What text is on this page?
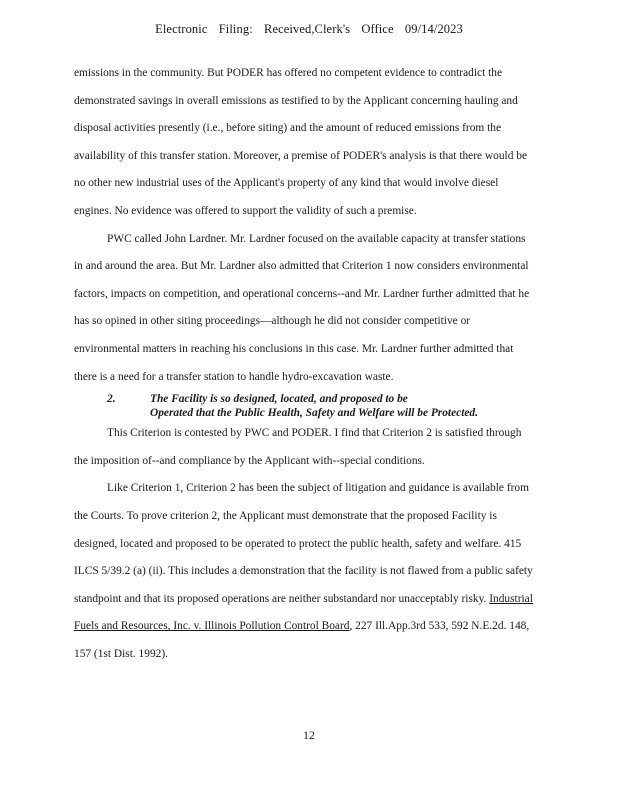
Electronic Filing: Received,Clerk's Office 09/14/2023

emissions in the community. But PODER has offered no competent evidence to contradict the demonstrated savings in overall emissions as testified to by the Applicant concerning hauling and disposal activities presently (i.e., before siting) and the amount of reduced emissions from the availability of this transfer station. Moreover, a premise of PODER's analysis is that there would be no other new industrial uses of the Applicant's property of any kind that would involve diesel engines. No evidence was offered to support the validity of such a premise.

PWC called John Lardner. Mr. Lardner focused on the available capacity at transfer stations in and around the area. But Mr. Lardner also admitted that Criterion 1 now considers environmental factors, impacts on competition, and operational concerns--and Mr. Lardner further admitted that he has so opined in other siting proceedings—although he did not consider competitive or environmental matters in reaching his conclusions in this case. Mr. Lardner further admitted that there is a need for a transfer station to handle hydro-excavation waste.

2.	The Facility is so designed, located, and proposed to be
Operated that the Public Health, Safety and Welfare will be Protected.

This Criterion is contested by PWC and PODER. I find that Criterion 2 is satisfied through the imposition of--and compliance by the Applicant with--special conditions.

Like Criterion 1, Criterion 2 has been the subject of litigation and guidance is available from the Courts. To prove criterion 2, the Applicant must demonstrate that the proposed Facility is designed, located and proposed to be operated to protect the public health, safety and welfare. 415 ILCS 5/39.2 (a) (ii). This includes a demonstration that the facility is not flawed from a public safety standpoint and that its proposed operations are neither substandard nor unacceptably risky. Industrial Fuels and Resources, Inc. v. Illinois Pollution Control Board, 227 Ill.App.3rd 533, 592 N.E.2d. 148, 157 (1st Dist. 1992).

12
